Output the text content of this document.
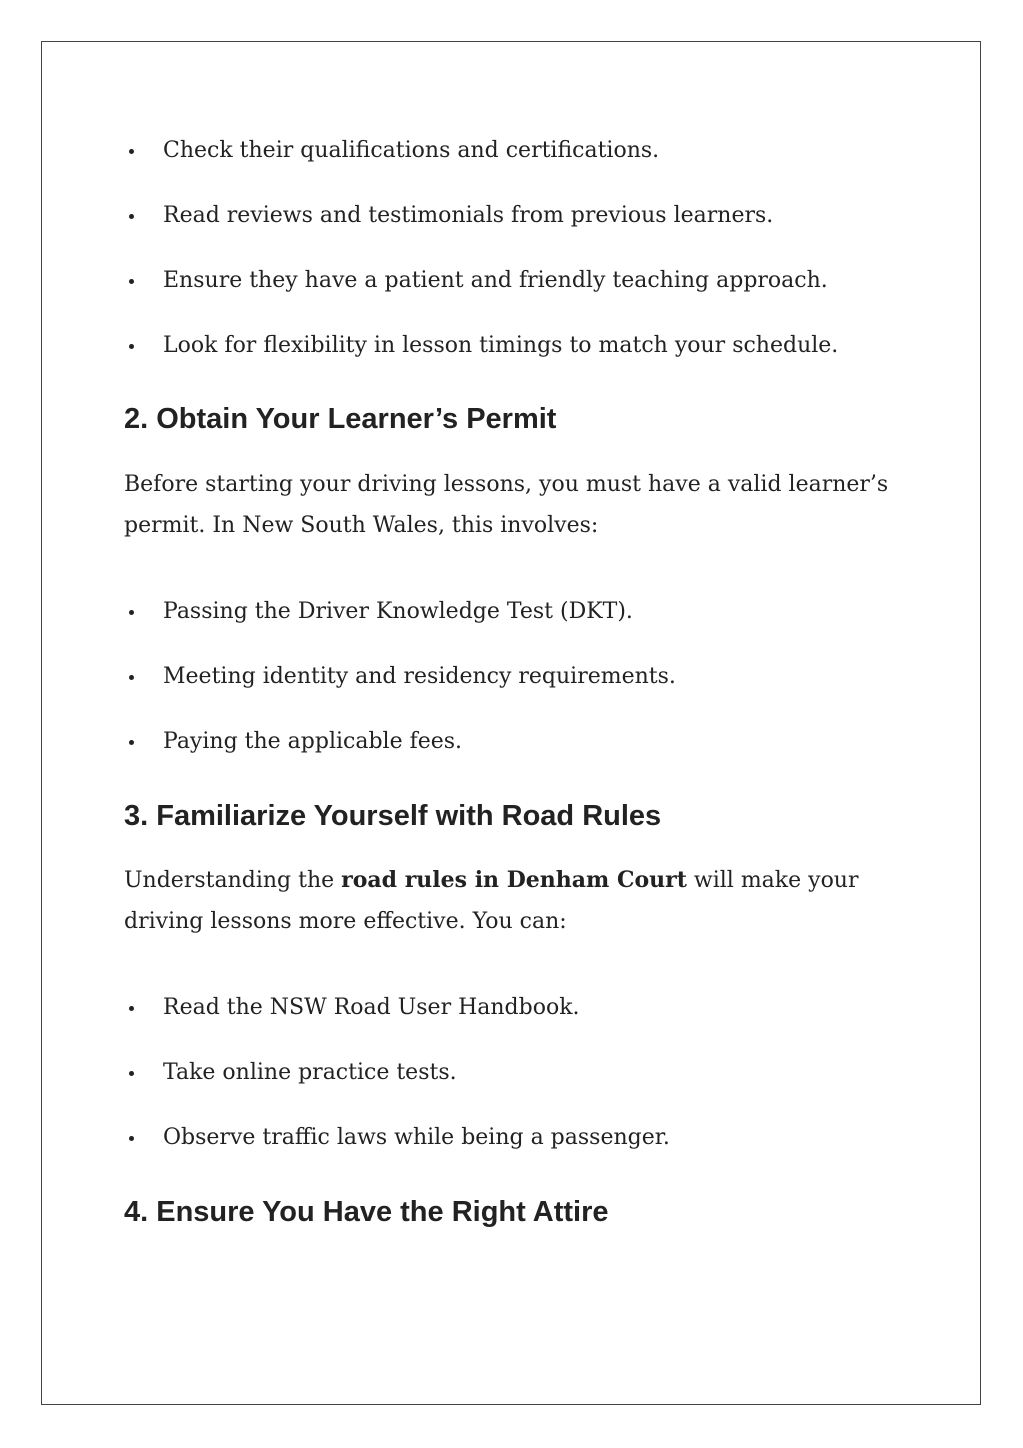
Check their qualifications and certifications.
Read reviews and testimonials from previous learners.
Ensure they have a patient and friendly teaching approach.
Look for flexibility in lesson timings to match your schedule.
2. Obtain Your Learner’s Permit
Before starting your driving lessons, you must have a valid learner’s permit. In New South Wales, this involves:
Passing the Driver Knowledge Test (DKT).
Meeting identity and residency requirements.
Paying the applicable fees.
3. Familiarize Yourself with Road Rules
Understanding the road rules in Denham Court will make your driving lessons more effective. You can:
Read the NSW Road User Handbook.
Take online practice tests.
Observe traffic laws while being a passenger.
4. Ensure You Have the Right Attire
